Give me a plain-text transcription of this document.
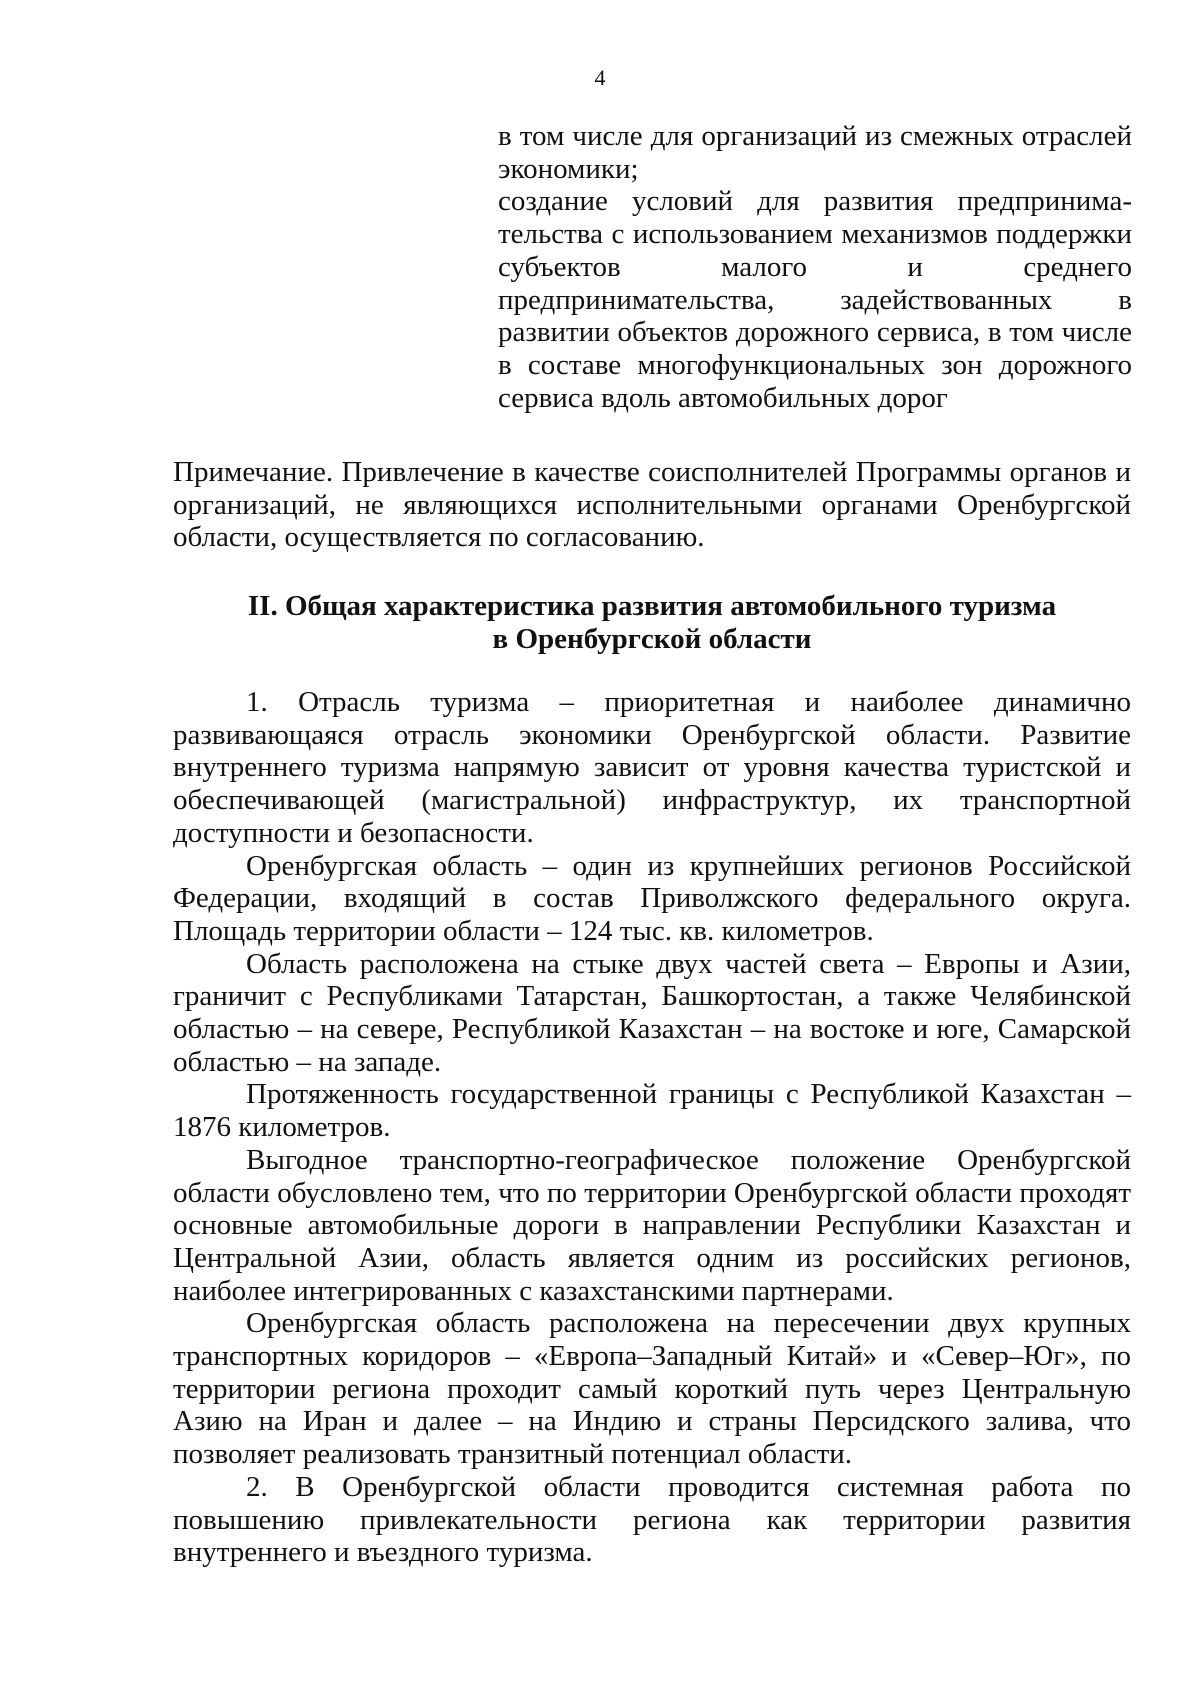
4

в том числе для организаций из смежных отраслей экономики;

создание условий для развития предпринимательства с использованием механизмов поддержки субъектов малого и среднего предпринимательства, задействованных в развитии объектов дорожного сервиса, в том числе в составе многофункциональных зон дорожного сервиса вдоль автомобильных дорог

Примечание. Привлечение в качестве соисполнителей Программы органов и организаций, не являющихся исполнительными органами Оренбургской области, осуществляется по согласованию.

II. Общая характеристика развития автомобильного туризма
в Оренбургской области

1. Отрасль туризма – приоритетная и наиболее динамично развивающаяся отрасль экономики Оренбургской области. Развитие внутреннего туризма напрямую зависит от уровня качества туристской и обеспечивающей (магистральной) инфраструктур, их транспортной доступности и безопасности.

Оренбургская область – один из крупнейших регионов Российской Федерации, входящий в состав Приволжского федерального округа. Площадь территории области – 124 тыс. кв. километров.

Область расположена на стыке двух частей света – Европы и Азии, граничит с Республиками Татарстан, Башкортостан, а также Челябинской областью – на севере, Республикой Казахстан – на востоке и юге, Самарской областью – на западе.

Протяженность государственной границы с Республикой Казахстан – 1876 километров.

Выгодное транспортно-географическое положение Оренбургской области обусловлено тем, что по территории Оренбургской области проходят основные автомобильные дороги в направлении Республики Казахстан и Центральной Азии, область является одним из российских регионов, наиболее интегрированных с казахстанскими партнерами.

Оренбургская область расположена на пересечении двух крупных транспортных коридоров – «Европа–Западный Китай» и «Север–Юг», по территории региона проходит самый короткий путь через Центральную Азию на Иран и далее – на Индию и страны Персидского залива, что позволяет реализовать транзитный потенциал области.

2. В Оренбургской области проводится системная работа по повышению привлекательности региона как территории развития внутреннего и въездного туризма.
